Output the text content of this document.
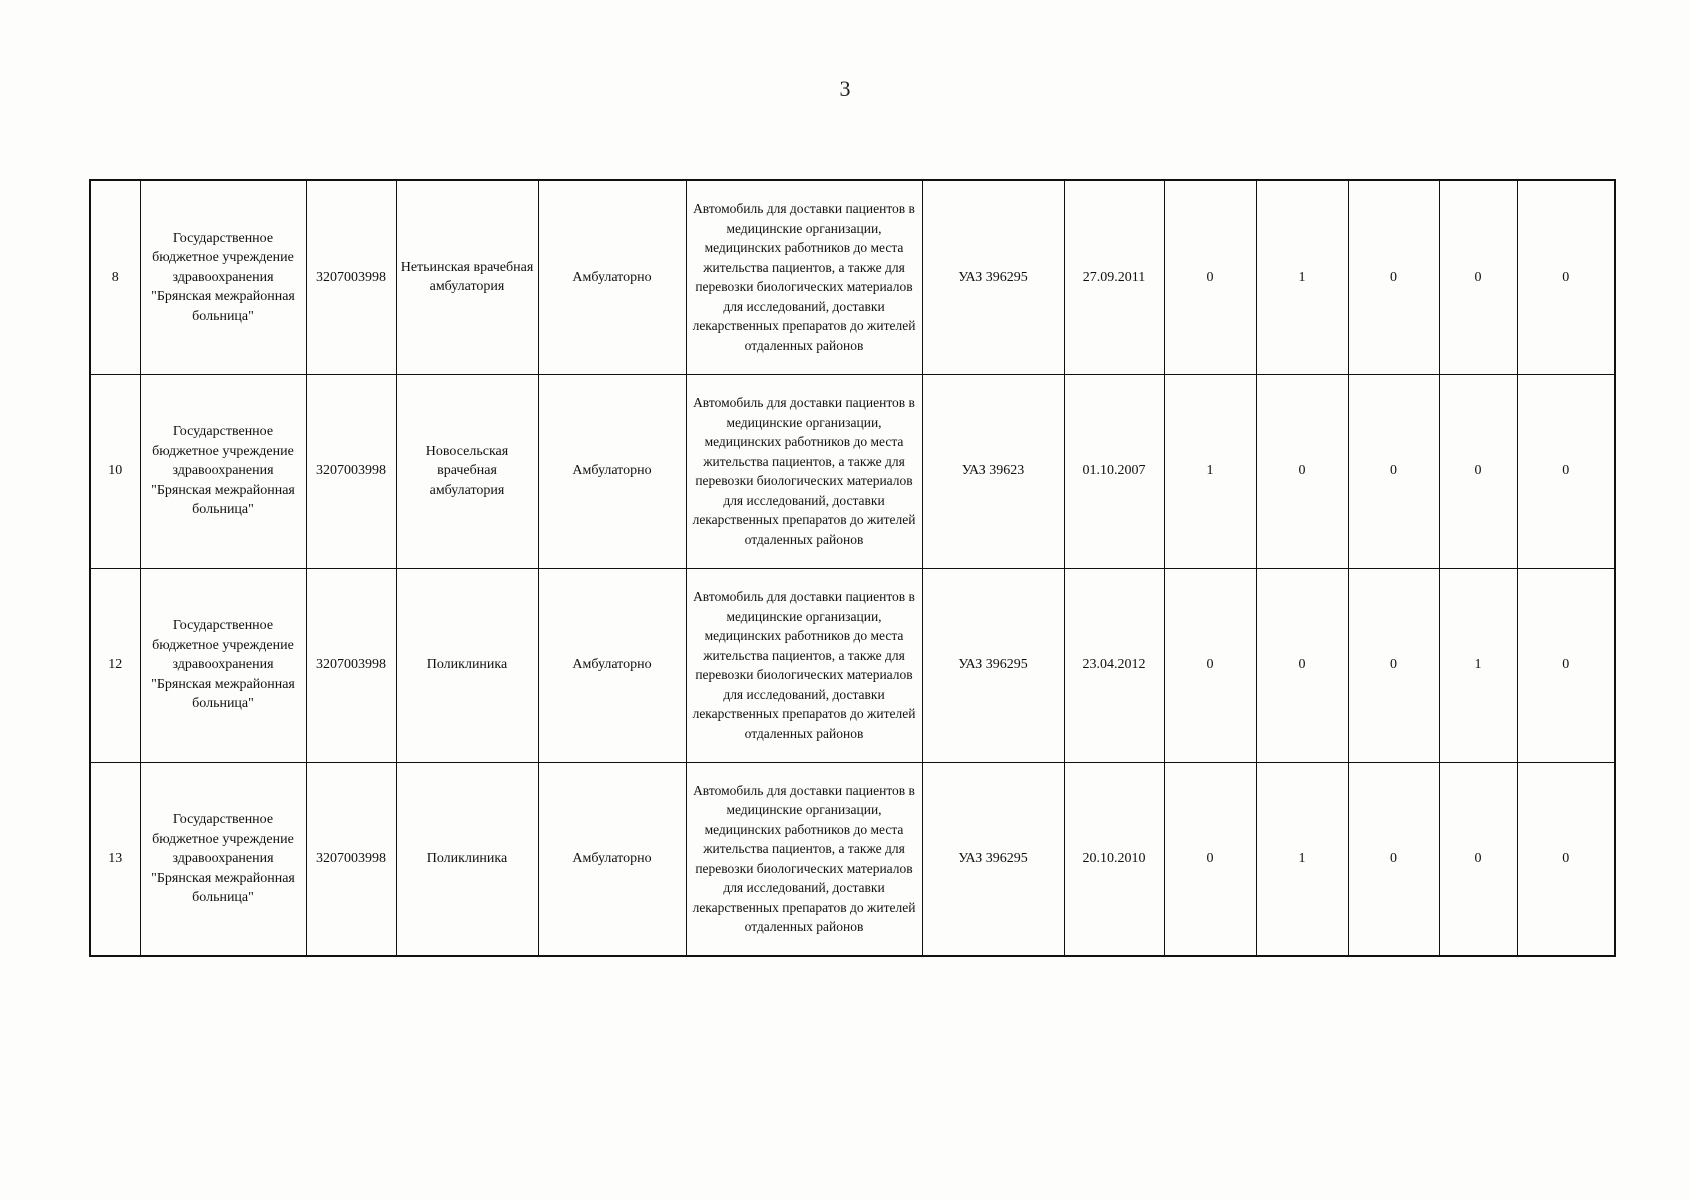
3
8	Государственное бюджетное учреждение здравоохранения "Брянская межрайонная больница"	3207003998	Нетьинская врачебная амбулатория	Амбулаторно	Автомобиль для доставки пациентов в медицинские организации, медицинских работников до места жительства пациентов, а также для перевозки биологических материалов для исследований, доставки лекарственных препаратов до жителей отдаленных районов	УАЗ 396295	27.09.2011	0	1	0	0	0
10	Государственное бюджетное учреждение здравоохранения "Брянская межрайонная больница"	3207003998	Новосельская врачебная амбулатория	Амбулаторно	Автомобиль для доставки пациентов в медицинские организации, медицинских работников до места жительства пациентов, а также для перевозки биологических материалов для исследований, доставки лекарственных препаратов до жителей отдаленных районов	УАЗ 39623	01.10.2007	1	0	0	0	0
12	Государственное бюджетное учреждение здравоохранения "Брянская межрайонная больница"	3207003998	Поликлиника	Амбулаторно	Автомобиль для доставки пациентов в медицинские организации, медицинских работников до места жительства пациентов, а также для перевозки биологических материалов для исследований, доставки лекарственных препаратов до жителей отдаленных районов	УАЗ 396295	23.04.2012	0	0	0	1	0
13	Государственное бюджетное учреждение здравоохранения "Брянская межрайонная больница"	3207003998	Поликлиника	Амбулаторно	Автомобиль для доставки пациентов в медицинские организации, медицинских работников до места жительства пациентов, а также для перевозки биологических материалов для исследований, доставки лекарственных препаратов до жителей отдаленных районов	УАЗ 396295	20.10.2010	0	1	0	0	0
